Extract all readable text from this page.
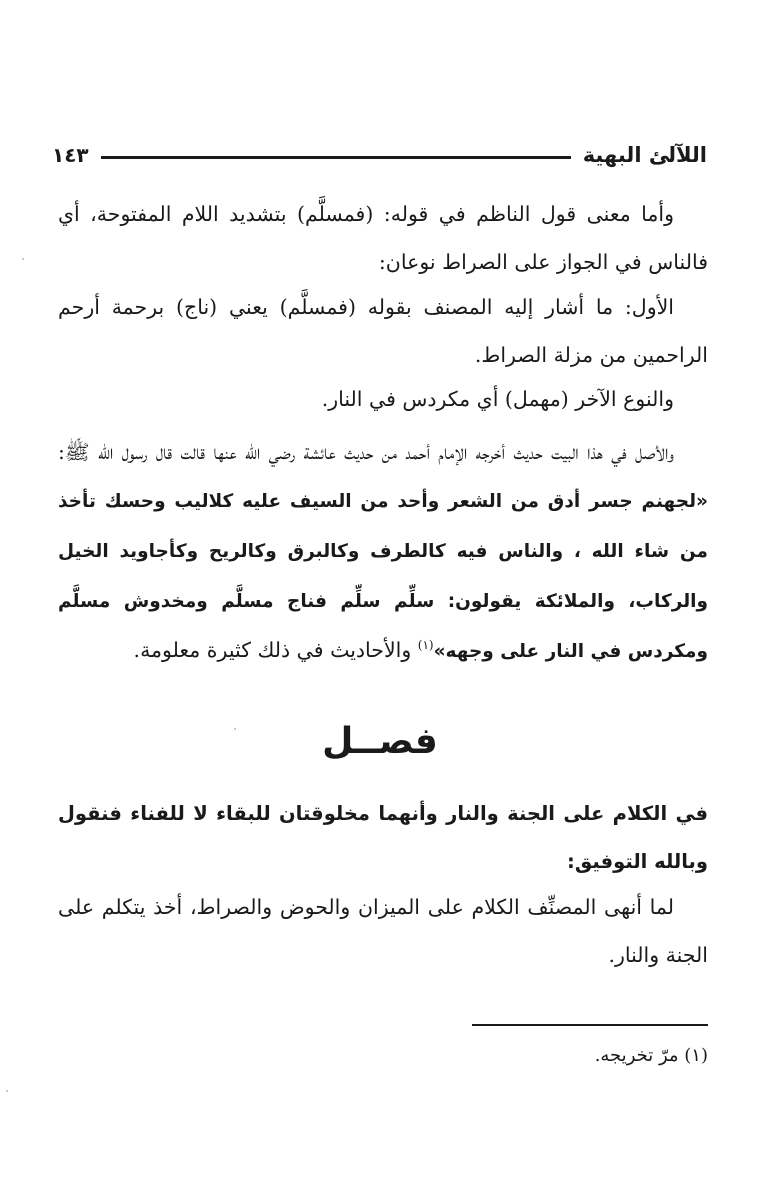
اللآلئ البهية
١٤٣
وأما معنى قول الناظم في قوله: (فمسلَّم) بتشديد اللام المفتوحة، أي فالناس في الجواز على الصراط نوعان:
الأول: ما أشار إليه المصنف بقوله (فمسلَّم) يعني (ناج) برحمة أرحم الراحمين من مزلة الصراط.
والنوع الآخر (مهمل) أي مكردس في النار.
والأصل في هذا البيت حديث أخرجه الإمام أحمد من حديث عائشة رضي الله عنها قالت قال رسول الله ﷺ: «لجهنم جسر أدق من الشعر وأحد من السيف عليه كلاليب وحسك تأخذ من شاء الله ، والناس فيه كالطرف وكالبرق وكالريح وكأجاويد الخيل والركاب، والملائكة يقولون: سلِّم سلِّم فناج مسلَّم ومخدوش مسلَّم ومكردس في النار على وجهه»$^{(١)}$ والأحاديث في ذلك كثيرة معلومة.
فصــل
في الكلام على الجنة والنار وأنهما مخلوقتان للبقاء لا للفناء فنقول وبالله التوفيق:
لما أنهى المصنِّف الكلام على الميزان والحوض والصراط، أخذ يتكلم على الجنة والنار.
(١) مرّ تخريجه.
